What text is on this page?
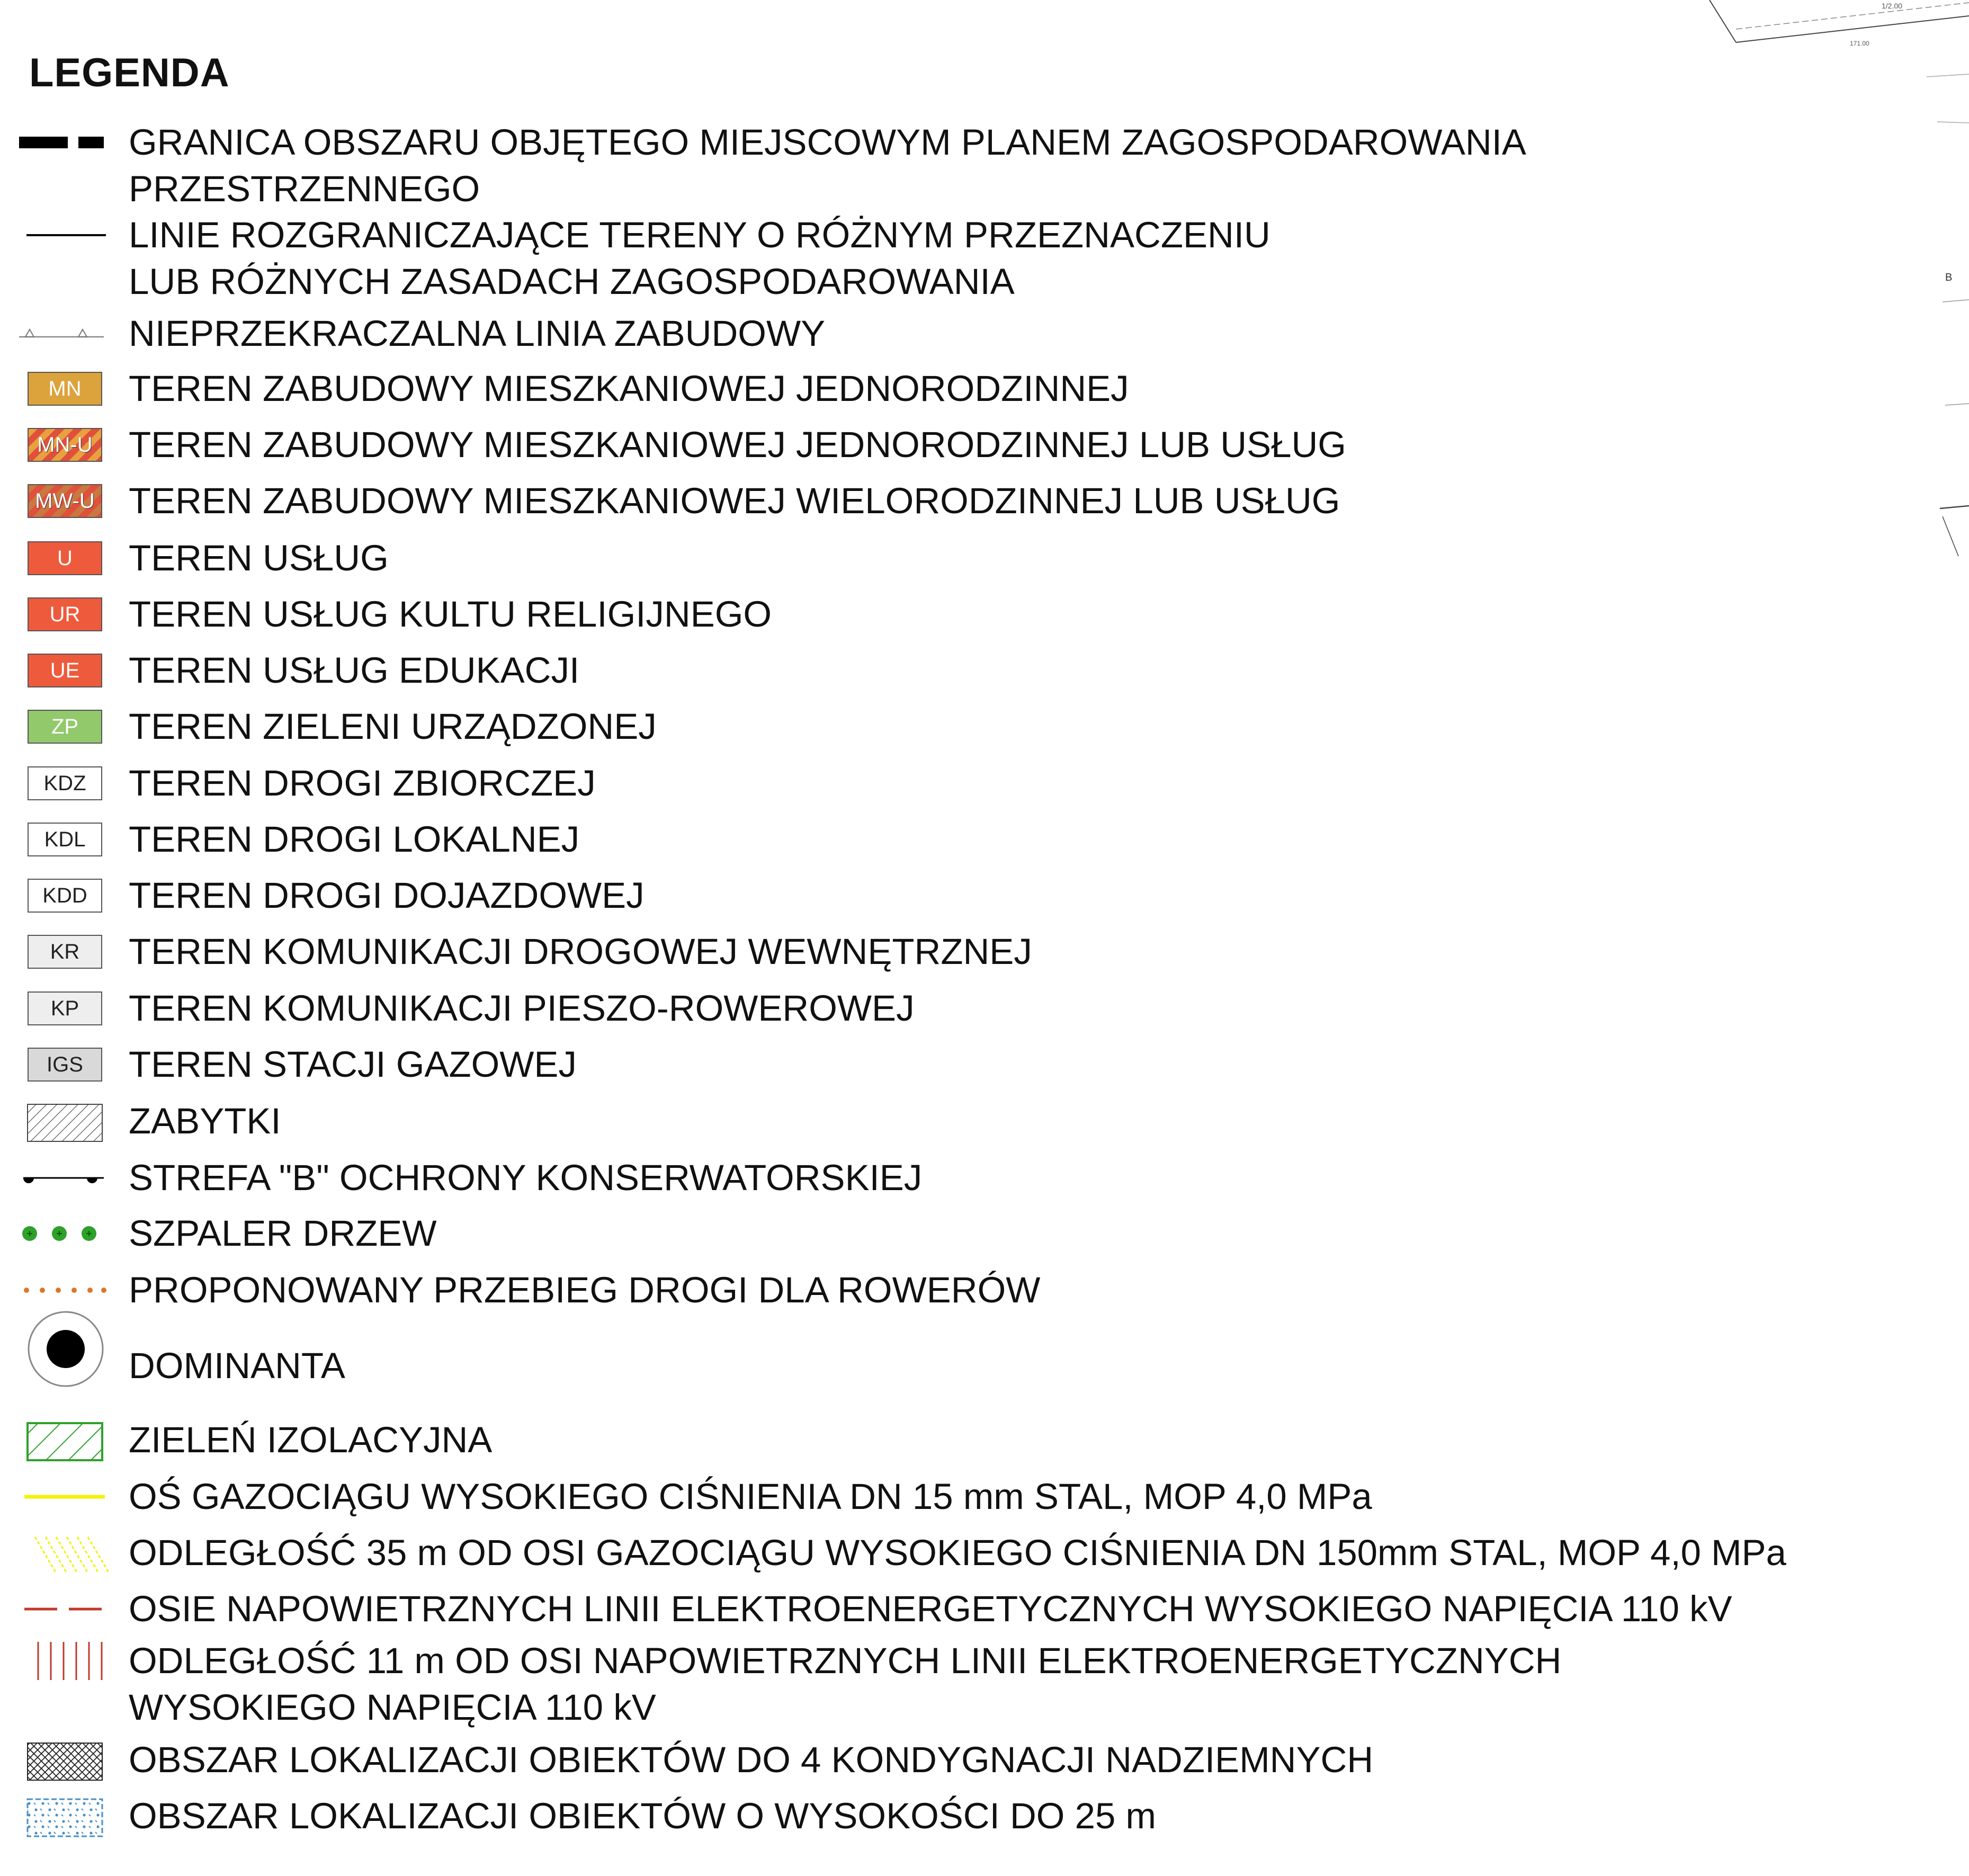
LEGENDA
GRANICA OBSZARU OBJĘTEGO MIEJSCOWYM PLANEM ZAGOSPODAROWANIA
PRZESTRZENNEGO
LINIE ROZGRANICZAJĄCE TERENY O RÓŻNYM PRZEZNACZENIU
LUB RÓŻNYCH ZASADACH ZAGOSPODAROWANIA
NIEPRZEKRACZALNA LINIA ZABUDOWY
MN TEREN ZABUDOWY MIESZKANIOWEJ JEDNORODZINNEJ
MN-U TEREN ZABUDOWY MIESZKANIOWEJ JEDNORODZINNEJ LUB USŁUG
MW-U TEREN ZABUDOWY MIESZKANIOWEJ WIELORODZINNEJ LUB USŁUG
U TEREN USŁUG
UR TEREN USŁUG KULTU RELIGIJNEGO
UE TEREN USŁUG EDUKACJI
ZP TEREN ZIELENI URZĄDZONEJ
KDZ TEREN DROGI ZBIORCZEJ
KDL TEREN DROGI LOKALNEJ
KDD TEREN DROGI DOJAZDOWEJ
KR TEREN KOMUNIKACJI DROGOWEJ WEWNĘTRZNEJ
KP TEREN KOMUNIKACJI PIESZO-ROWEROWEJ
IGS TEREN STACJI GAZOWEJ
ZABYTKI
STREFA "B" OCHRONY KONSERWATORSKIEJ
SZPALER DRZEW
PROPONOWANY PRZEBIEG DROGI DLA ROWERÓW
DOMINANTA
ZIELEŃ IZOLACYJNA
OŚ GAZOCIĄGU WYSOKIEGO CIŚNIENIA DN 15 mm STAL, MOP 4,0 MPa
ODLEGŁOŚĆ 35 m OD OSI GAZOCIĄGU WYSOKIEGO CIŚNIENIA DN 150mm STAL, MOP 4,0 MPa
OSIE NAPOWIETRZNYCH LINII ELEKTROENERGETYCZNYCH WYSOKIEGO NAPIĘCIA 110 kV
ODLEGŁOŚĆ 11 m OD OSI NAPOWIETRZNYCH LINII ELEKTROENERGETYCZNYCH
WYSOKIEGO NAPIĘCIA 110 kV
OBSZAR LOKALIZACJI OBIEKTÓW DO 4 KONDYGNACJI NADZIEMNYCH
OBSZAR LOKALIZACJI OBIEKTÓW O WYSOKOŚCI DO 25 m
1/2.00
171.00
B
